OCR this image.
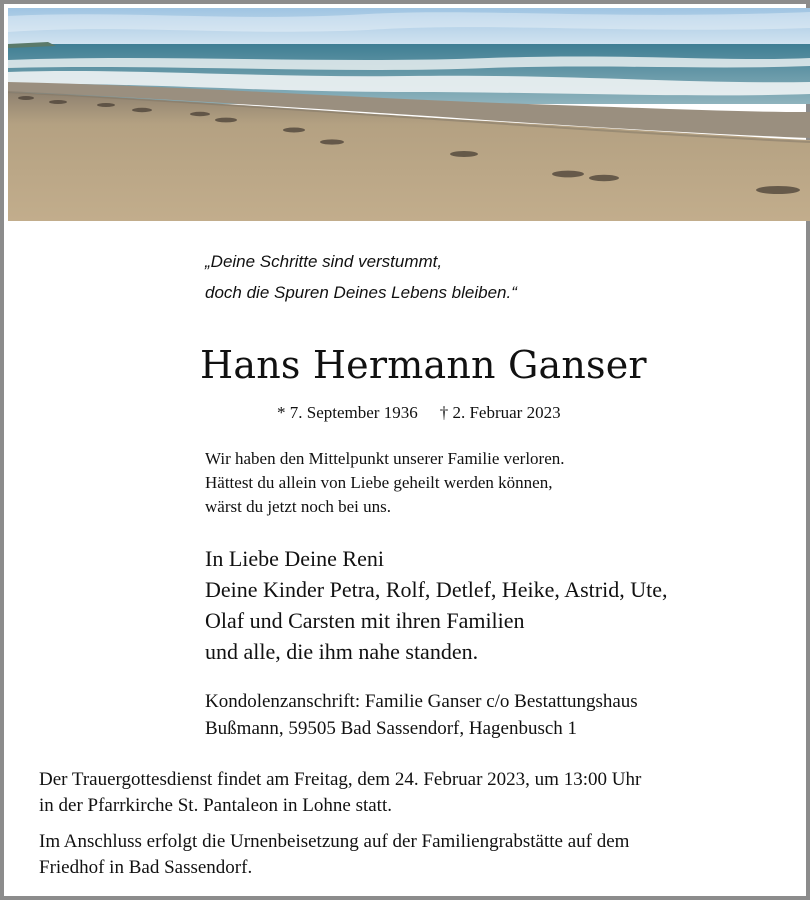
„Deine Schritte sind verstummt,
doch die Spuren Deines Lebens bleiben.“
Hans Hermann Ganser
* 7. September 1936 † 2. Februar 2023
Wir haben den Mittelpunkt unserer Familie verloren.
Hättest du allein von Liebe geheilt werden können,
wärst du jetzt noch bei uns.
In Liebe Deine Reni
Deine Kinder Petra, Rolf, Detlef, Heike, Astrid, Ute,
Olaf und Carsten mit ihren Familien
und alle, die ihm nahe standen.
Kondolenzanschrift: Familie Ganser c/o Bestattungshaus
Bußmann, 59505 Bad Sassendorf, Hagenbusch 1
Der Trauergottesdienst findet am Freitag, dem 24. Februar 2023, um 13:00 Uhr
in der Pfarrkirche St. Pantaleon in Lohne statt.
Im Anschluss erfolgt die Urnenbeisetzung auf der Familiengrabstätte auf dem
Friedhof in Bad Sassendorf.
